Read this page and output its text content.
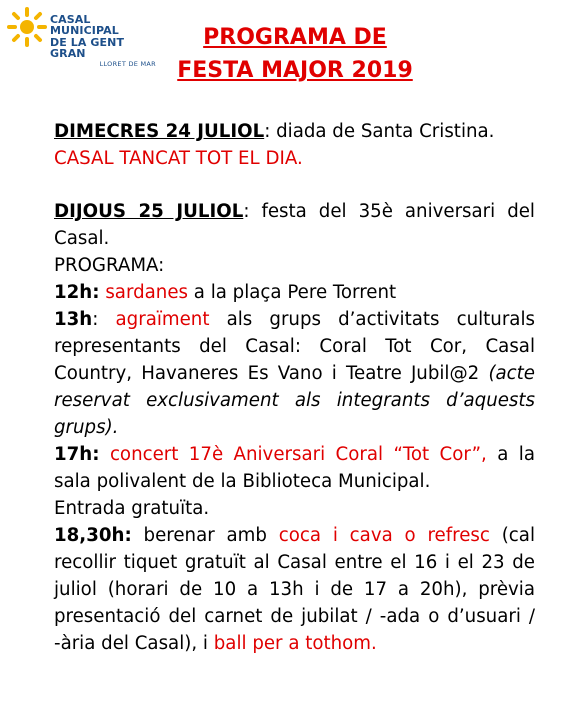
CASAL MUNICIPAL
DE LA GENT GRAN
LLORET DE MAR
PROGRAMA DE
FESTA MAJOR 2019

DIMECRES 24 JULIOL: diada de Santa Cristina.

CASAL TANCAT TOT EL DIA.

DIJOUS 25 JULIOL: festa del 35è aniversari del Casal.

PROGRAMA:

12h: sardanes a la plaça Pere Torrent

13h: agraïment als grups d’activitats culturals representants del Casal: Coral Tot Cor, Casal Country, Havaneres Es Vano i Teatre Jubil@2 (acte reservat exclusivament als integrants d’aquests grups).

17h: concert 17è Aniversari Coral “Tot Cor”, a la sala polivalent de la Biblioteca Municipal.

Entrada gratuïta.

18,30h: berenar amb coca i cava o refresc (cal recollir tiquet gratuït al Casal entre el 16 i el 23 de juliol (horari de 10 a 13h i de 17 a 20h), prèvia presentació del carnet de jubilat / -ada o d’usuari / -ària del Casal), i ball per a tothom.
